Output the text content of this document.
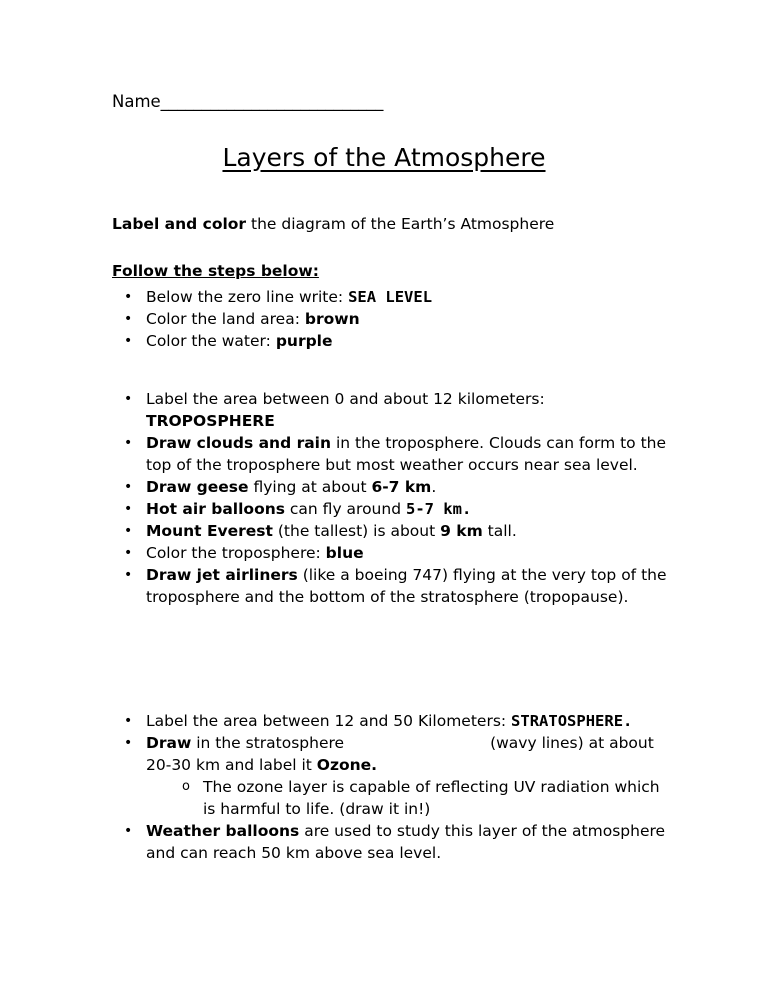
Name___________________________
Layers of the Atmosphere
Label and color the diagram of the Earth’s Atmosphere
Follow the steps below:
• Below the zero line write: SEA LEVEL
• Color the land area: brown
• Color the water: purple
• Label the area between 0 and about 12 kilometers: TROPOSPHERE
• Draw clouds and rain in the troposphere. Clouds can form to the top of the troposphere but most weather occurs near sea level.
• Draw geese flying at about 6-7 km.
• Hot air balloons can fly around 5-7 km.
• Mount Everest (the tallest) is about 9 km tall.
• Color the troposphere: blue
• Draw jet airliners (like a boeing 747) flying at the very top of the troposphere and the bottom of the stratosphere (tropopause).
• Label the area between 12 and 50 Kilometers: STRATOSPHERE.
• Draw in the stratosphere	(wavy lines) at about 20-30 km and label it Ozone.
o The ozone layer is capable of reflecting UV radiation which is harmful to life. (draw it in!)
• Weather balloons are used to study this layer of the atmosphere and can reach 50 km above sea level.
